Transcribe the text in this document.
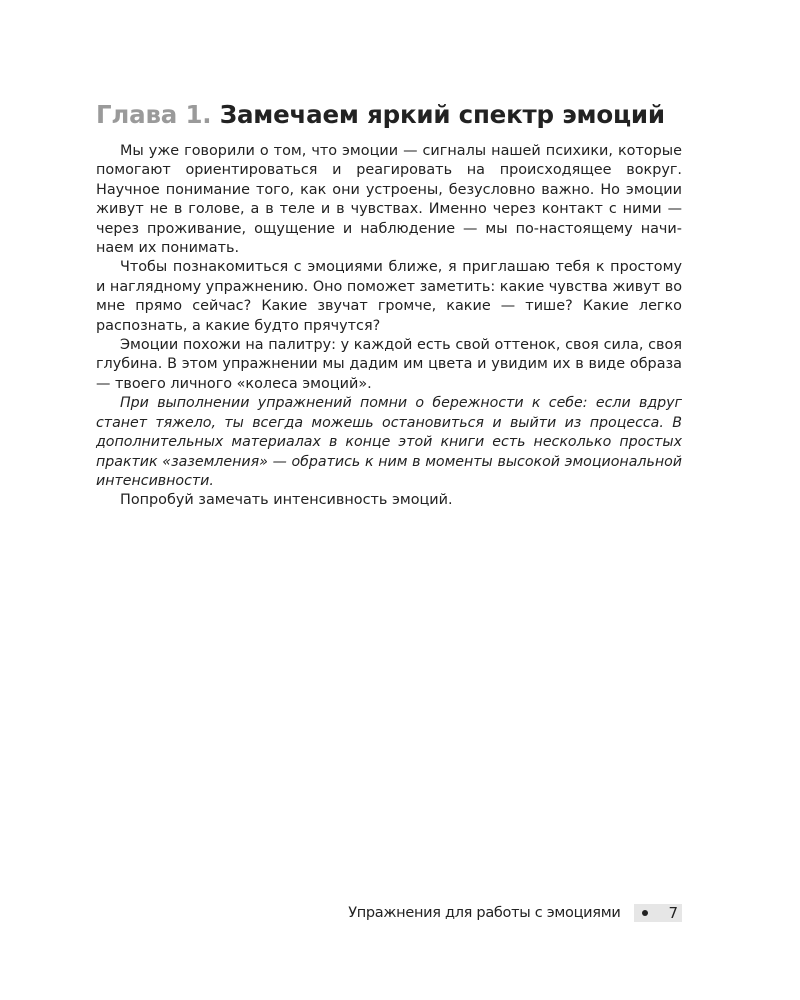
Глава 1. Замечаем яркий спектр эмоций

Мы уже говорили о том, что эмоции — сигналы нашей психики, которые помогают ориентироваться и реагировать на происходящее вокруг. Научное понимание того, как они устроены, безусловно важно. Но эмоции живут не в голове, а в теле и в чувствах. Именно через контакт с ними — через проживание, ощущение и наблюдение — мы по-настоящему начинаем их понимать.

Чтобы познакомиться с эмоциями ближе, я приглашаю тебя к простому и наглядному упражнению. Оно поможет заметить: какие чувства живут во мне прямо сейчас? Какие звучат громче, какие — тише? Какие легко распознать, а какие будто прячутся?

Эмоции похожи на палитру: у каждой есть свой оттенок, своя сила, своя глубина. В этом упражнении мы дадим им цвета и увидим их в виде образа — твоего личного «колеса эмоций».

При выполнении упражнений помни о бережности к себе: если вдруг станет тяжело, ты всегда можешь остановиться и выйти из процесса. В дополнительных материалах в конце этой книги есть несколько простых практик «заземления» — обратись к ним в моменты высокой эмоциональной интенсивности.

Попробуй замечать интенсивность эмоций.

Упражнения для работы с эмоциями	7
